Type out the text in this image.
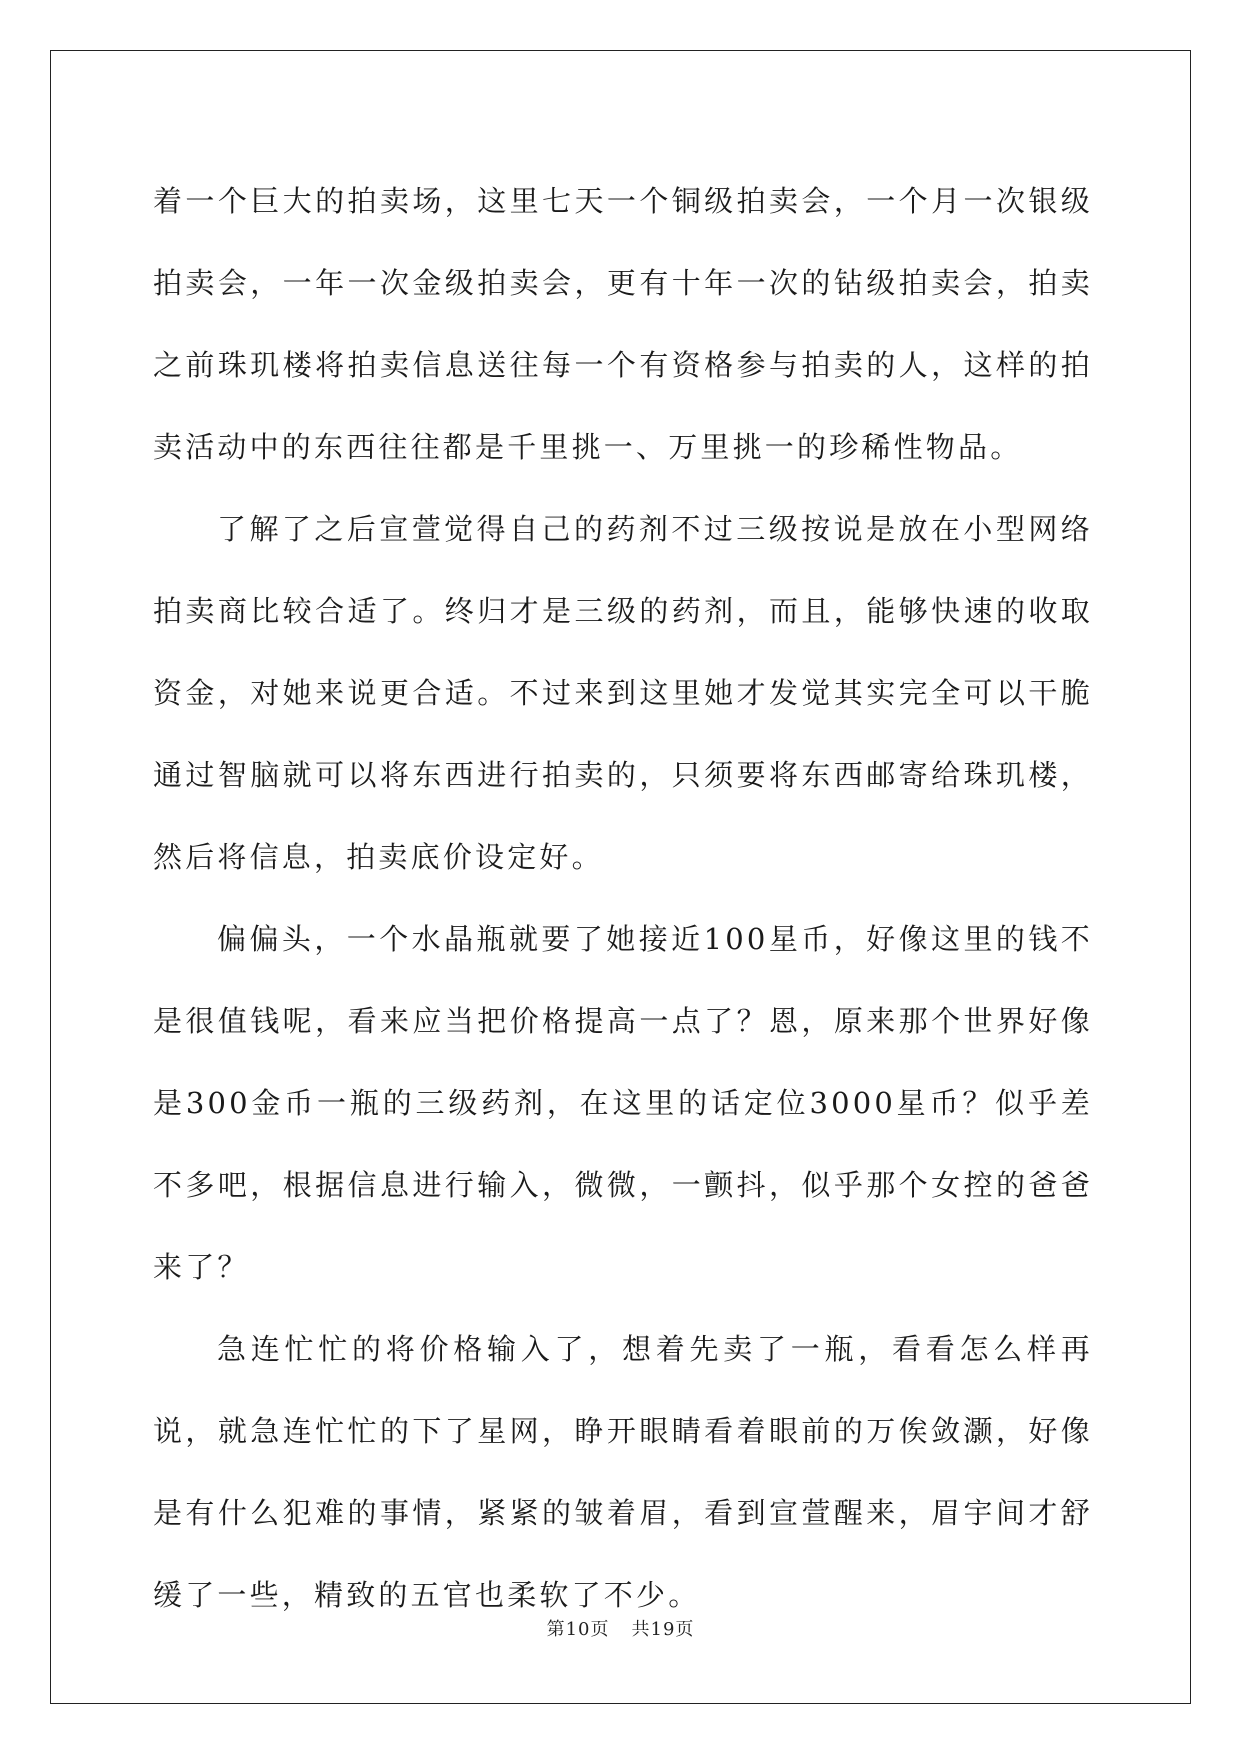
着一个巨大的拍卖场，这里七天一个铜级拍卖会，一个月一次银级拍卖会，一年一次金级拍卖会，更有十年一次的钻级拍卖会，拍卖之前珠玑楼将拍卖信息送往每一个有资格参与拍卖的人，这样的拍卖活动中的东西往往都是千里挑一、万里挑一的珍稀性物品。

了解了之后宣萱觉得自己的药剂不过三级按说是放在小型网络拍卖商比较合适了。终归才是三级的药剂，而且，能够快速的收取资金，对她来说更合适。不过来到这里她才发觉其实完全可以干脆通过智脑就可以将东西进行拍卖的，只须要将东西邮寄给珠玑楼，然后将信息，拍卖底价设定好。

偏偏头，一个水晶瓶就要了她接近100星币，好像这里的钱不是很值钱呢，看来应当把价格提高一点了？恩，原来那个世界好像是300金币一瓶的三级药剂，在这里的话定位3000星币？似乎差不多吧，根据信息进行输入，微微，一颤抖，似乎那个女控的爸爸来了？

急连忙忙的将价格输入了，想着先卖了一瓶，看看怎么样再说，就急连忙忙的下了星网，睁开眼睛看着眼前的万俟敛灏，好像是有什么犯难的事情，紧紧的皱着眉，看到宣萱醒来，眉宇间才舒缓了一些，精致的五官也柔软了不少。

第10页 共19页
